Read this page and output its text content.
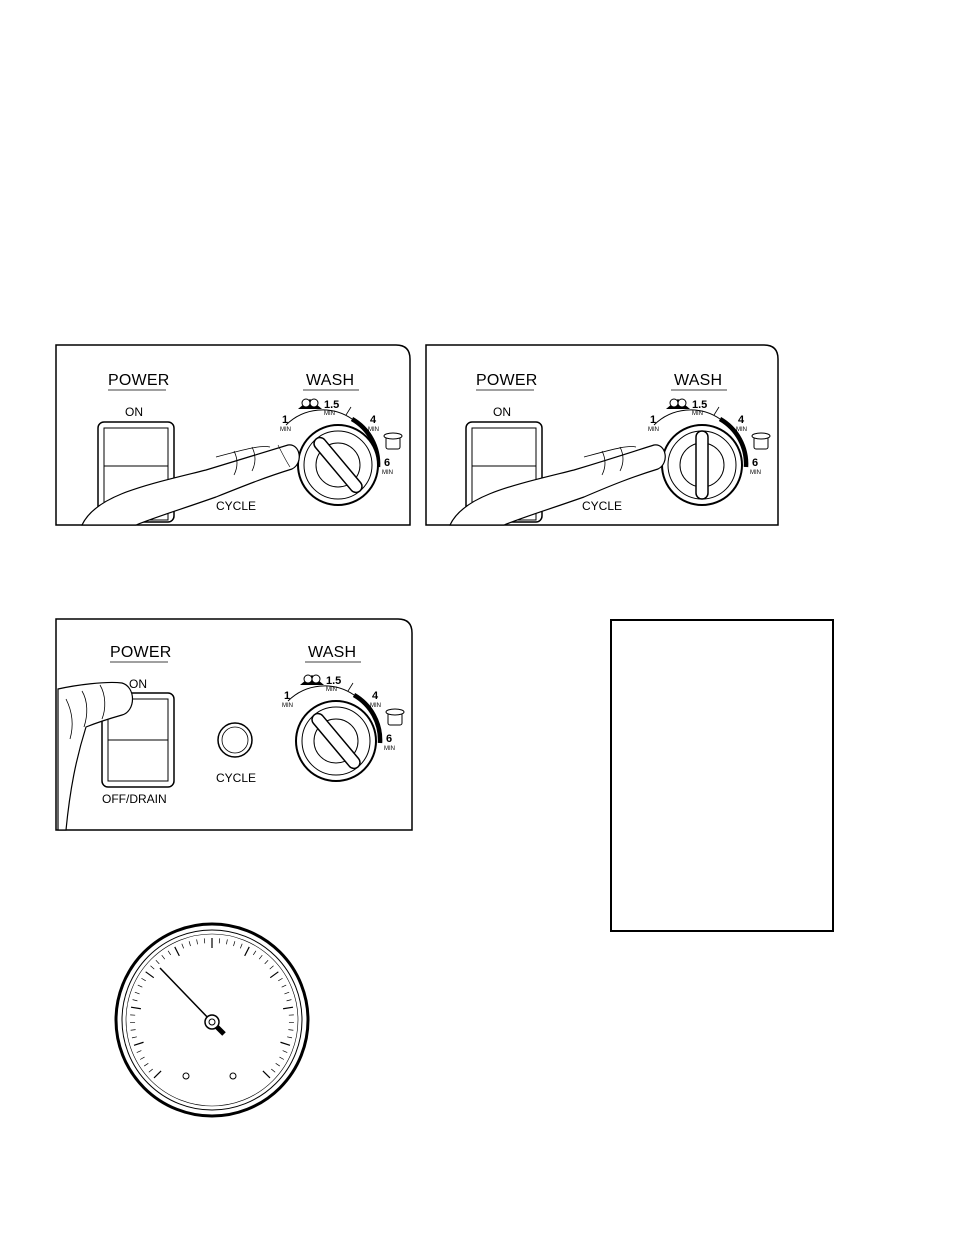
POWER	WASH
ON
CYCLE
1
MIN
1.5
MIN	4
MIN
6
MIN
POWER	WASH
ON
CYCLE
1
MIN
1.5
MIN	4
MIN
6
MIN
POWER	WASH
ON
OFF/DRAIN
CYCLE
1
MIN
1.5
MIN	4
MIN
6
MIN
